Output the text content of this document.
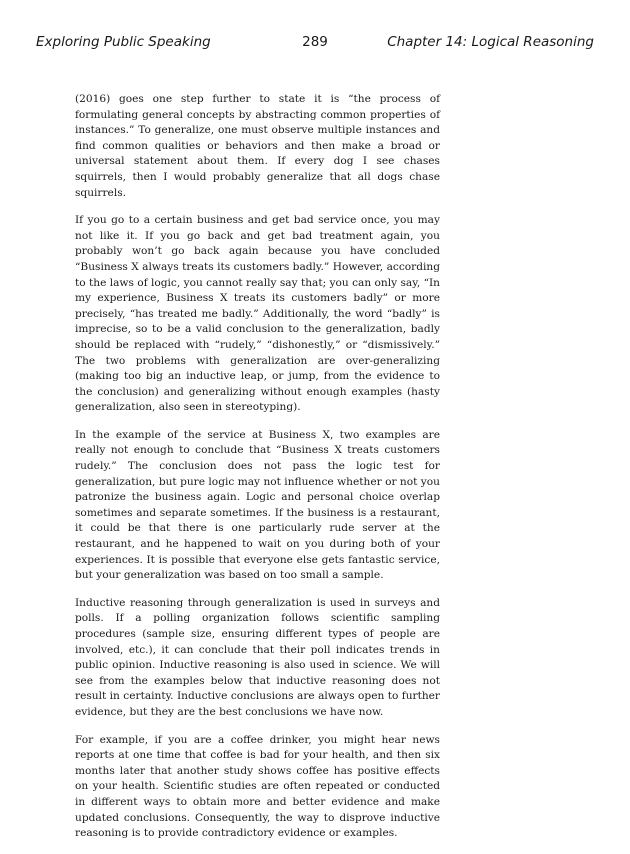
Exploring Public Speaking	289	Chapter 14: Logical Reasoning

(2016) goes one step further to state it is “the process of formulating general concepts by abstracting common properties of instances.” To generalize, one must observe multiple instances and find common qualities or behaviors and then make a broad or universal statement about them. If every dog I see chases squirrels, then I would probably generalize that all dogs chase squirrels.

If you go to a certain business and get bad service once, you may not like it. If you go back and get bad treatment again, you probably won’t go back again because you have concluded “Business X always treats its customers badly.” However, according to the laws of logic, you cannot really say that; you can only say, “In my experience, Business X treats its customers badly” or more precisely, “has treated me badly.” Additionally, the word “badly” is imprecise, so to be a valid conclusion to the generalization, badly should be replaced with “rudely,” “dishonestly,” or “dismissively.” The two problems with generalization are over-generalizing (making too big an inductive leap, or jump, from the evidence to the conclusion) and generalizing without enough examples (hasty generalization, also seen in stereotyping).

In the example of the service at Business X, two examples are really not enough to conclude that “Business X treats customers rudely.” The conclusion does not pass the logic test for generalization, but pure logic may not influence whether or not you patronize the business again. Logic and personal choice overlap sometimes and separate sometimes. If the business is a restaurant, it could be that there is one particularly rude server at the restaurant, and he happened to wait on you during both of your experiences. It is possible that everyone else gets fantastic service, but your generalization was based on too small a sample.

Inductive reasoning through generalization is used in surveys and polls. If a polling organization follows scientific sampling procedures (sample size, ensuring different types of people are involved, etc.), it can conclude that their poll indicates trends in public opinion. Inductive reasoning is also used in science. We will see from the examples below that inductive reasoning does not result in certainty. Inductive conclusions are always open to further evidence, but they are the best conclusions we have now.

For example, if you are a coffee drinker, you might hear news reports at one time that coffee is bad for your health, and then six months later that another study shows coffee has positive effects on your health. Scientific studies are often repeated or conducted in different ways to obtain more and better evidence and make updated conclusions. Consequently, the way to disprove inductive reasoning is to provide contradictory evidence or examples.
